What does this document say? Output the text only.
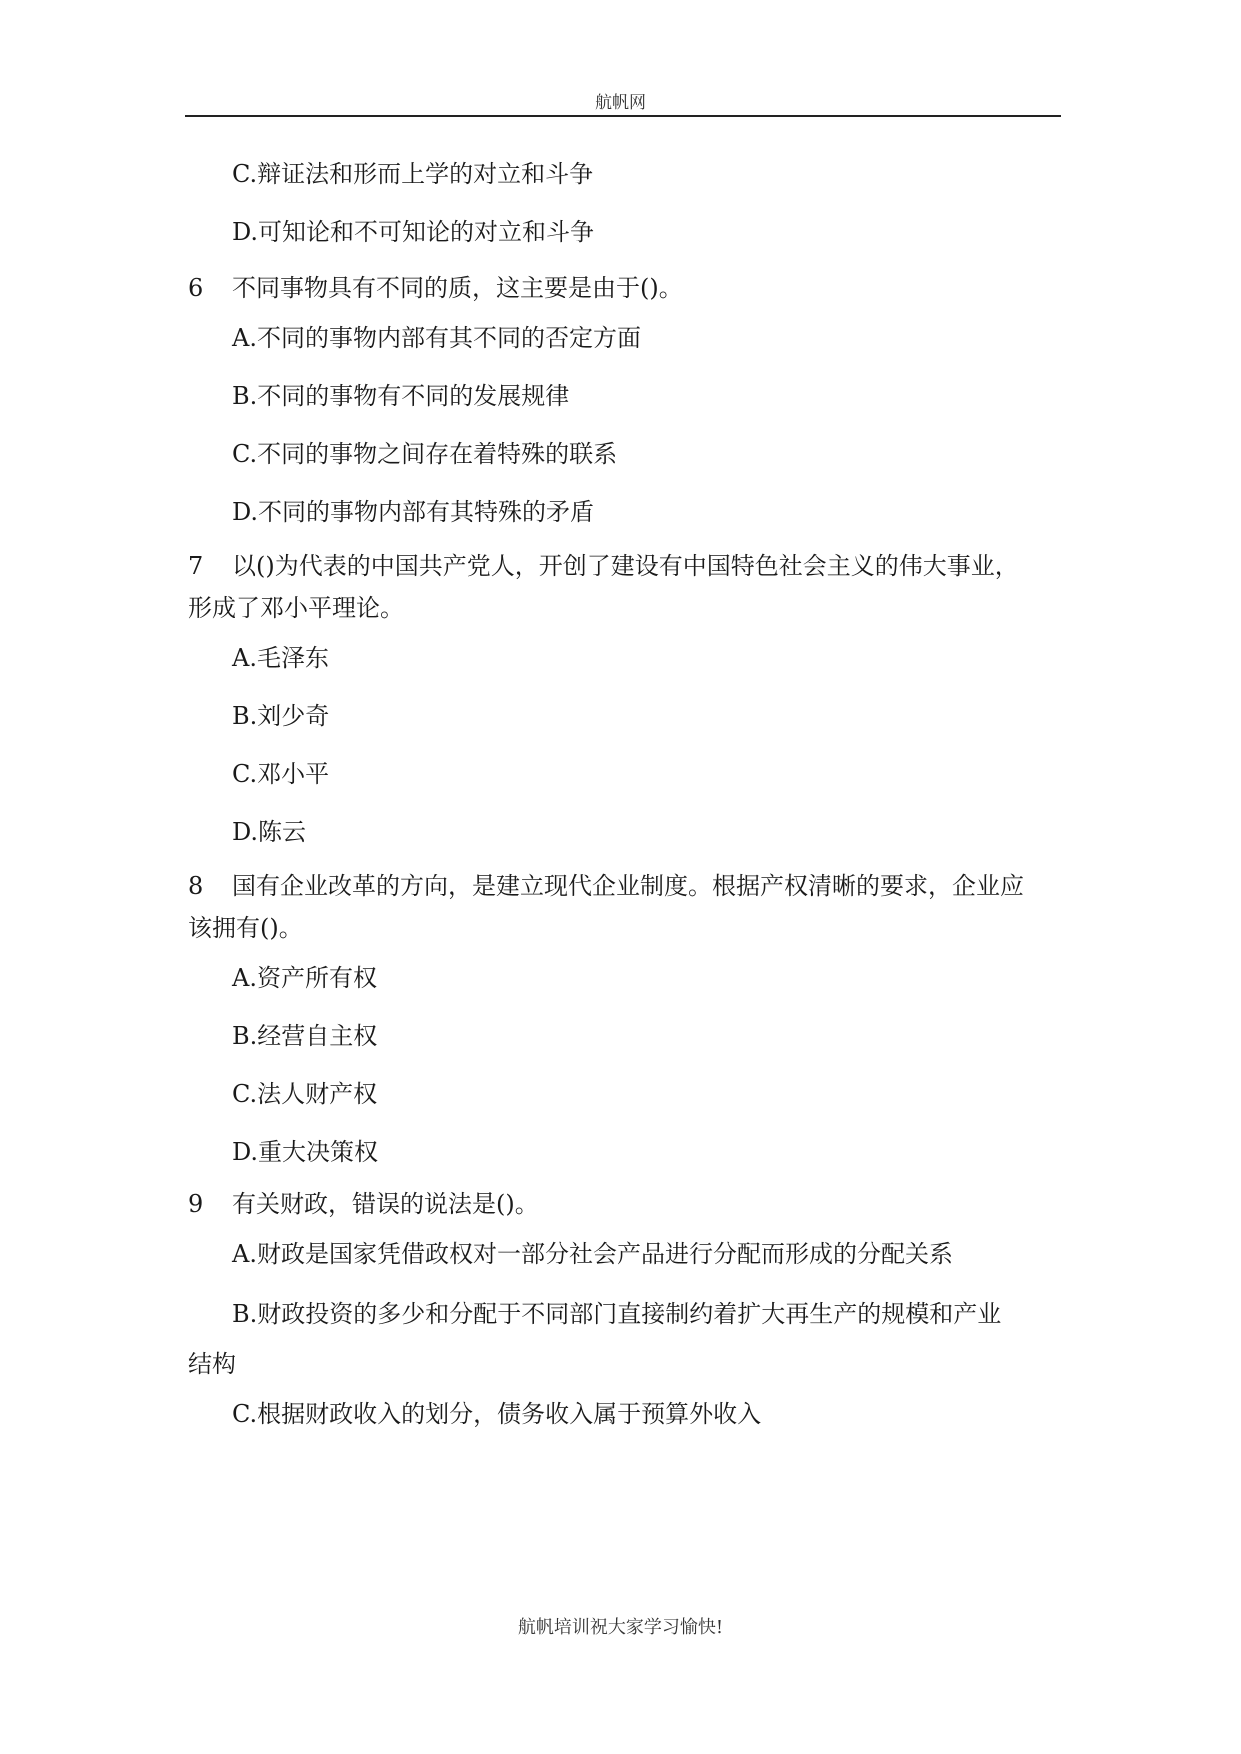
航帆网
C.辩证法和形而上学的对立和斗争
D.可知论和不可知论的对立和斗争
6 不同事物具有不同的质，这主要是由于()。
A.不同的事物内部有其不同的否定方面
B.不同的事物有不同的发展规律
C.不同的事物之间存在着特殊的联系
D.不同的事物内部有其特殊的矛盾
7 以()为代表的中国共产党人，开创了建设有中国特色社会主义的伟大事业，
形成了邓小平理论。
A.毛泽东
B.刘少奇
C.邓小平
D.陈云
8 国有企业改革的方向，是建立现代企业制度。根据产权清晰的要求，企业应
该拥有()。
A.资产所有权
B.经营自主权
C.法人财产权
D.重大决策权
9 有关财政，错误的说法是()。
A.财政是国家凭借政权对一部分社会产品进行分配而形成的分配关系
B.财政投资的多少和分配于不同部门直接制约着扩大再生产的规模和产业
结构
C.根据财政收入的划分，债务收入属于预算外收入
航帆培训祝大家学习愉快!
